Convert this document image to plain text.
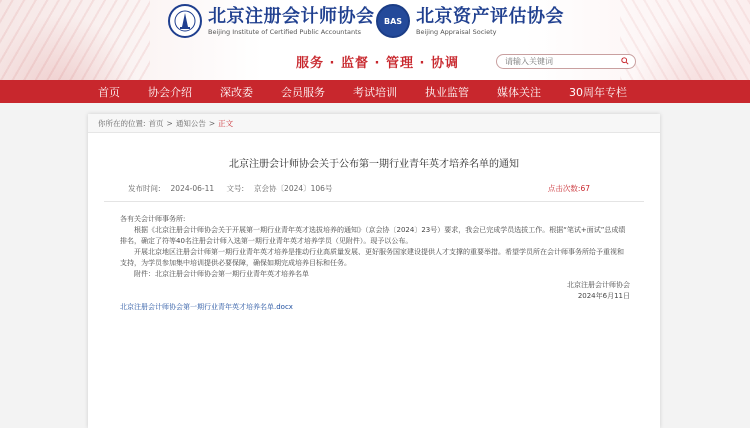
北京注册会计师协会
Beijing Institute of Certified Public Accountants
BAS 北京资产评估协会
Beijing Appraisal Society
服务 · 监督 · 管理 · 协调
请输入关键词
首页	协会介绍	深改委	会员服务	考试培训	执业监管	媒体关注	30周年专栏
你所在的位置: 首页 > 通知公告 > 正文
北京注册会计师协会关于公布第一期行业青年英才培养名单的通知
发布时间: 2024-06-11 文号: 京会协〔2024〕106号	点击次数:67

各有关会计师事务所:

根据《北京注册会计师协会关于开展第一期行业青年英才选拔培养的通知》（京会协〔2024〕23号）要求，我会已完成学员选拔工作。根据“笔试+面试”总成绩排名，确定了符等40名注册会计师入选第一期行业青年英才培养学员（见附件）。现予以公布。

开展北京地区注册会计师第一期行业青年英才培养是推动行业高质量发展、更好服务国家建设提供人才支撑的重要举措。希望学员所在会计师事务所给予重视和支持，为学员参加集中培训提供必要保障，确保如期完成培养目标和任务。

附件：北京注册会计师协会第一期行业青年英才培养名单

北京注册会计师协会

2024年6月11日

北京注册会计师协会第一期行业青年英才培养名单.docx
